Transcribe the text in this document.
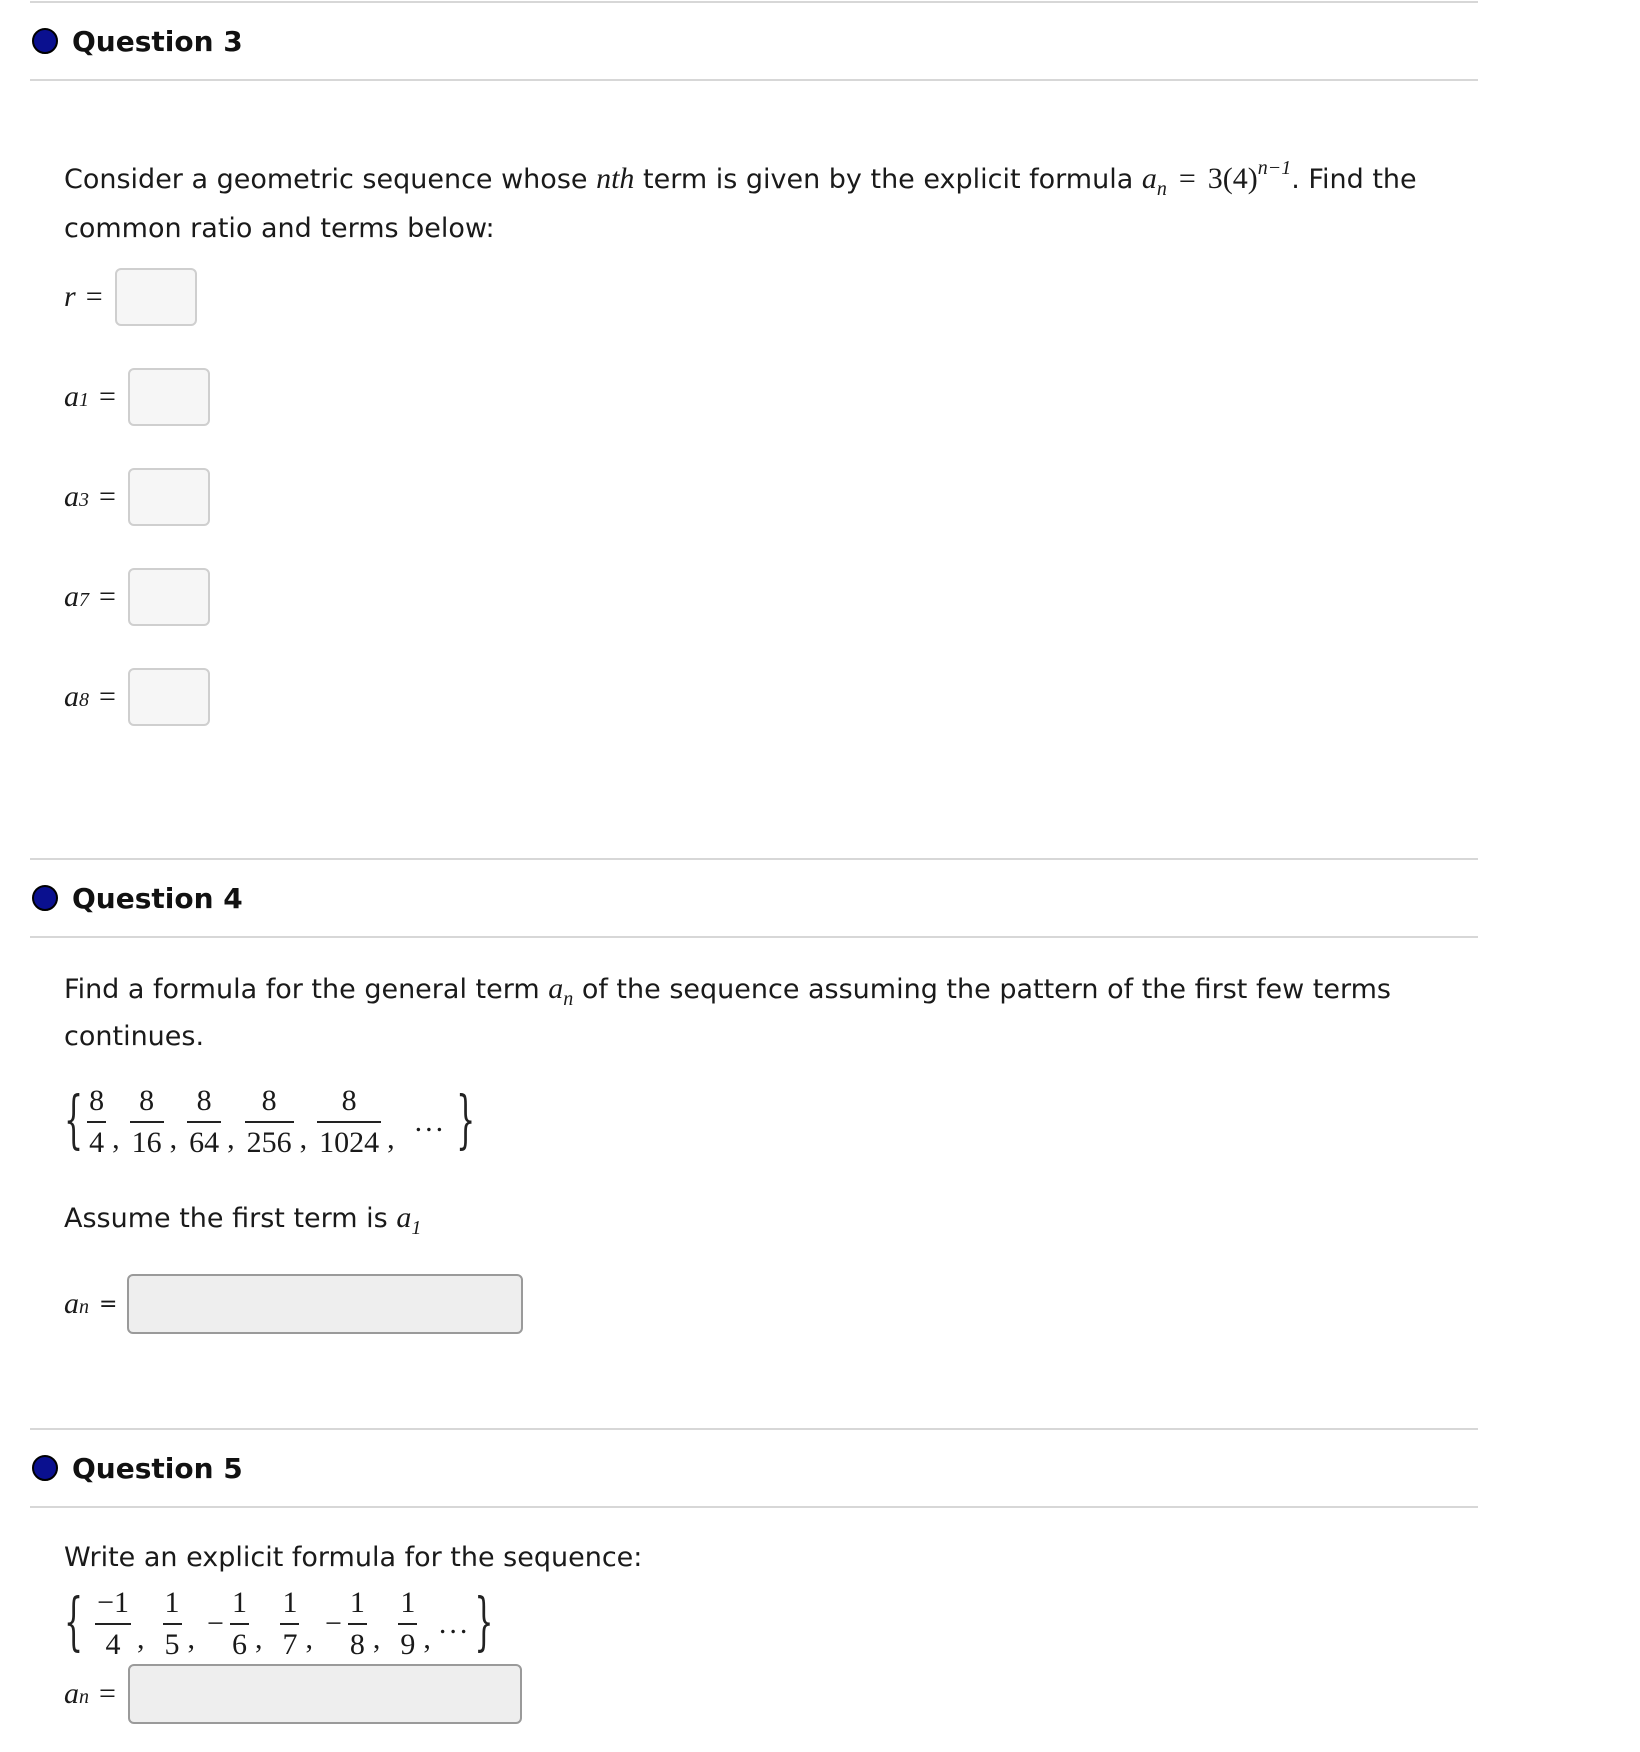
Question 3
Consider a geometric sequence whose nth term is given by the explicit formula $a_n = 3(4)^{n-1}$. Find the
common ratio and terms below:
r =
a 1 =
a 3 =
a 7 =
a 8 =
Question 4
Find a formula for the general term $a_n$ of the sequence assuming the pattern of the first few terms
continues.
{ $\frac{8}{4}$ , $\frac{8}{16}$ , $\frac{8}{64}$ , $\frac{8}{256}$ , $\frac{8}{1024}$ ,
... }
Assume the first term is $a_1$
a n =
Question 5
Write an explicit formula for the sequence:
{ $\frac{-1}{4}$ , $\frac{1}{5}$ , − $\frac{1}{6}$ , $\frac{1}{7}$ , − $\frac{1}{8}$ , $\frac{1}{9}$ , ... }
a n =
